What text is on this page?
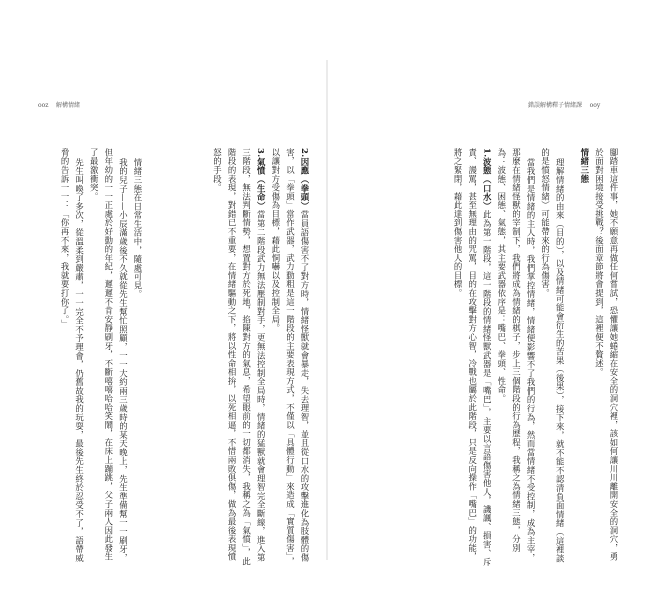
ooz 解構情緒

2.因應（拳頭）當員語傷害不了對方時，情緒怪獸就會暴走，失去理智，並且從口水的攻擊進化為肢體的傷害，以「拳頭」當作武器，武力動粗是這一階段的主要表現方式，不僅以「具體行動」來造成「實質傷害」，以讓對方受傷為目標，藉此恫嚇以及控制全局。

3.氣憤（生命）當第二階段武力無法壓制對手，更無法控制全局時，情緒的猛獸就會理智完全斷線，進入第三階段，無法判斷情勢，想置對方於死地，掐陳對方的氣息，希望眼前的一切都消失，我稱之為「氣憤」，此階段的表現，對錯已不重要，在情緒驅動之下，將以性命相拚，以死相逼，不惜兩敗俱傷，做為最後表現憤怒的手段。

情緒三態在日常生活中，隨處可見。

我的兒子——小辰滿歲後不久就從先生幫忙照顧，一一大約兩三歲時的某天晚上，先生準備幫一一刷牙，但年幼的一一正處於好動的年紀，遲遲不肯安靜刷牙，不斷嘻嘻哈哈笑鬧，在床上蹦跳，父子兩人因此發生了最激衝突。

先生叫喚了多次，從溫柔到嚴肅，一一完全不予理會，仍舊故我的玩耍，最後先生終於忍受不了，語帶威脅的告訴一一：「你再不來，我就要打你了。」

錯誤解構釋子情緒課 ooy

腳踏車這件事，她不願意再做任何嘗試，恐懼讓她蜷縮在安全的洞穴裡，該如何讓川川離開安全的洞穴，勇於面對困境接受挑戰？後面章節將會提到，這裡便不贅述。

情緒三態

理解情緒的由來（目的），以及情緒可能會衍生的苦果（後果），接下來，就不能不認清負面情緒（這裡談的是憤怒情緒）可能帶來的行為傷害。

當我們是情緒的主人時，我們掌控情緒，情緒便影響不了我們的行為，然而當情緒不受控制，成為主宰，那麼在情緒怪獸的宰制下，我們將成為情緒的棋子，步上三個階段的行為歷程，我稱之為情緒三態，分別為：波態、困態、氣態，其主要武器依序是：嘴巴、拳頭、性命。

1.波態（口水）此為第一階段，這一階段的情緒怪獸武器是「嘴巴」，主要以言語傷害他人，譏諷、損害、斥責、謾罵，甚至無理由的咒罵，目的在攻擊對方心智，冷戰也屬於此階段，只是反向操作「嘴巴」的功能，將之緊閉，藉此達到傷害他人的目標。
